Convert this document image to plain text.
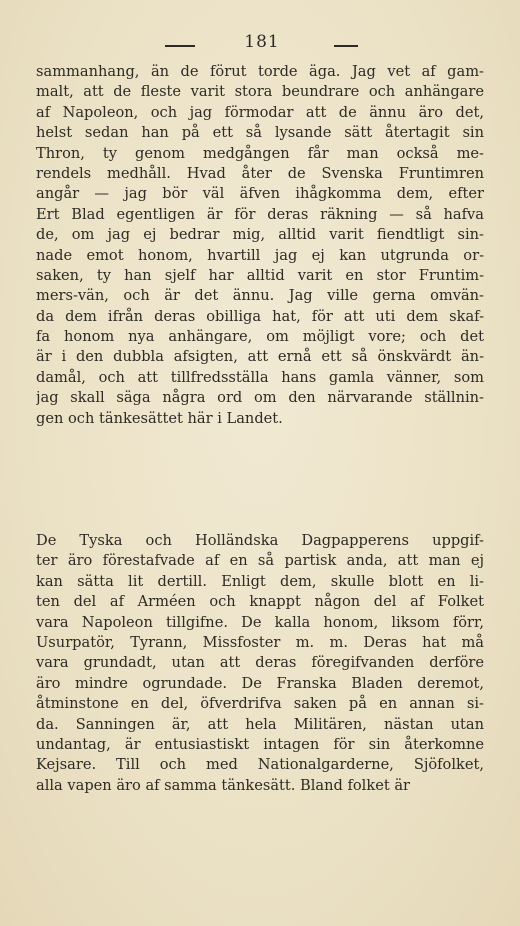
181
sammanhang, än de förut torde äga. Jag vet af gam-
malt, att de fleste varit stora beundrare och anhängare
af Napoleon, och jag förmodar att de ännu äro det,
helst sedan han på ett så lysande sätt återtagit sin
Thron, ty genom medgången får man också me-
rendels medhåll. Hvad åter de Svenska Fruntimren
angår — jag bör väl äfven ihågkomma dem, efter
Ert Blad egentligen är för deras räkning — så hafva
de, om jag ej bedrar mig, alltid varit fiendtligt sin-
nade emot honom, hvartill jag ej kan utgrunda or-
saken, ty han sjelf har alltid varit en stor Fruntim-
mers-vän, och är det ännu. Jag ville gerna omvän-
da dem ifrån deras obilliga hat, för att uti dem skaf-
fa honom nya anhängare, om möjligt vore; och det
är i den dubbla afsigten, att ernå ett så önskvärdt än-
damål, och att tillfredsställa hans gamla vänner, som
jag skall säga några ord om den närvarande ställnin-
gen och tänkesättet här i Landet.
De Tyska och Holländska Dagpapperens uppgif-
ter äro förestafvade af en så partisk anda, att man ej
kan sätta lit dertill. Enligt dem, skulle blott en li-
ten del af Arméen och knappt någon del af Folket
vara Napoleon tillgifne. De kalla honom, liksom förr,
Usurpatör, Tyrann, Missfoster m. m. Deras hat må
vara grundadt, utan att deras föregifvanden derföre
äro mindre ogrundade. De Franska Bladen deremot,
åtminstone en del, öfverdrifva saken på en annan si-
da. Sanningen är, att hela Militären, nästan utan
undantag, är entusiastiskt intagen för sin återkomne
Kejsare. Till och med Nationalgarderne, Sjöfolket,
alla vapen äro af samma tänkesätt. Bland folket är
